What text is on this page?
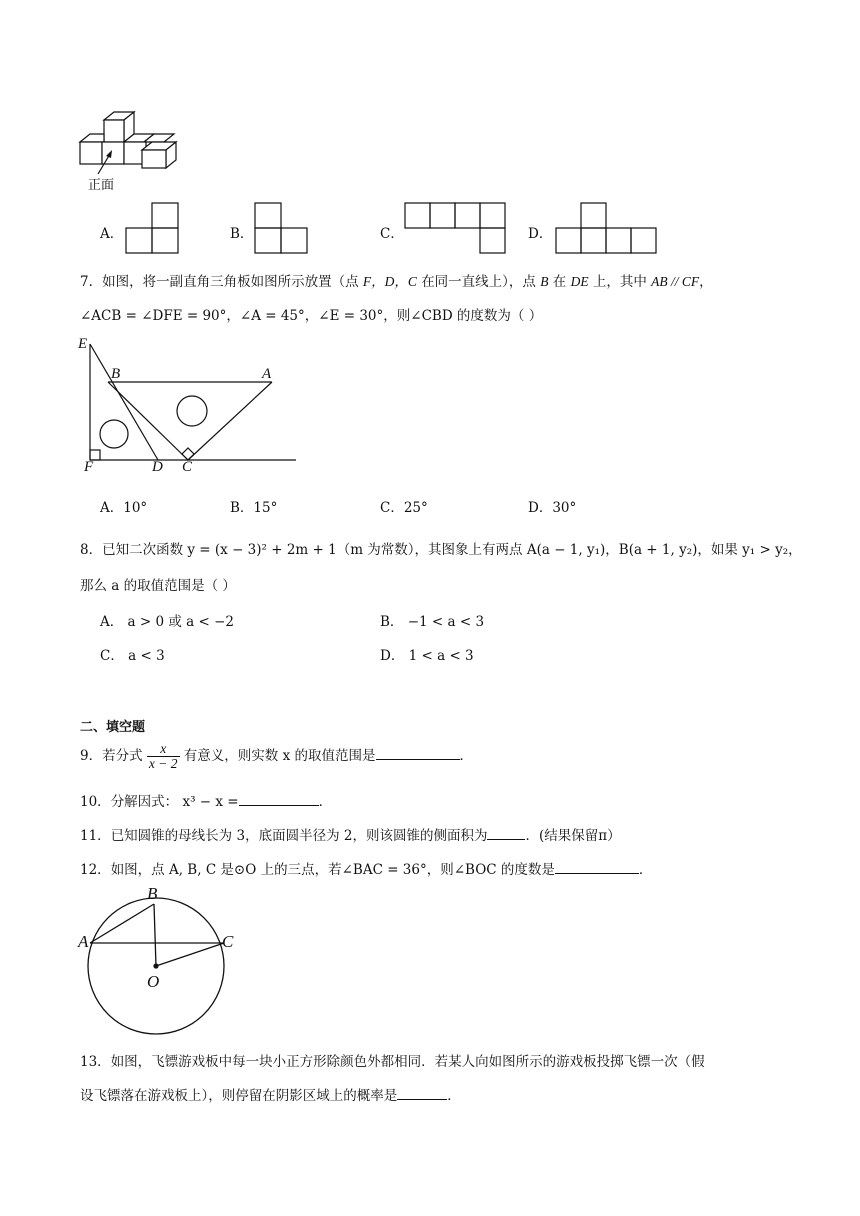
正面
A．	B．	C．	D．
7．如图，将一副直角三角板如图所示放置（点 F，D，C 在同一直线上），点 B 在 DE 上，其中 AB // CF，
∠ACB = ∠DFE = 90°，∠A = 45°，∠E = 30°，则∠CBD 的度数为（ ）
E
B	A
F	D C
A．10°	B．15°	C．25°	D．30°
8．已知二次函数 y = (x − 3)² + 2m + 1（m 为常数），其图象上有两点 A(a − 1, y₁)，B(a + 1, y₂)，如果 y₁ > y₂，
那么 a 的取值范围是（ ）
A． a > 0 或 a < −2	B． −1 < a < 3
C． a < 3	D． 1 < a < 3
二、填空题
9．若分式 $\frac{x}{x - 2}$ 有意义，则实数 x 的取值范围是	．
10．分解因式： x³ − x =	．
11．已知圆锥的母线长为 3，底面圆半径为 2，则该圆锥的侧面积为	．(结果保留π）
12．如图，点 A, B, C 是⊙O 上的三点，若∠BAC = 36°，则∠BOC 的度数是	．
A
B
C
O
13．如图，飞镖游戏板中每一块小正方形除颜色外都相同．若某人向如图所示的游戏板投掷飞镖一次（假
设飞镖落在游戏板上），则停留在阴影区域上的概率是	．
